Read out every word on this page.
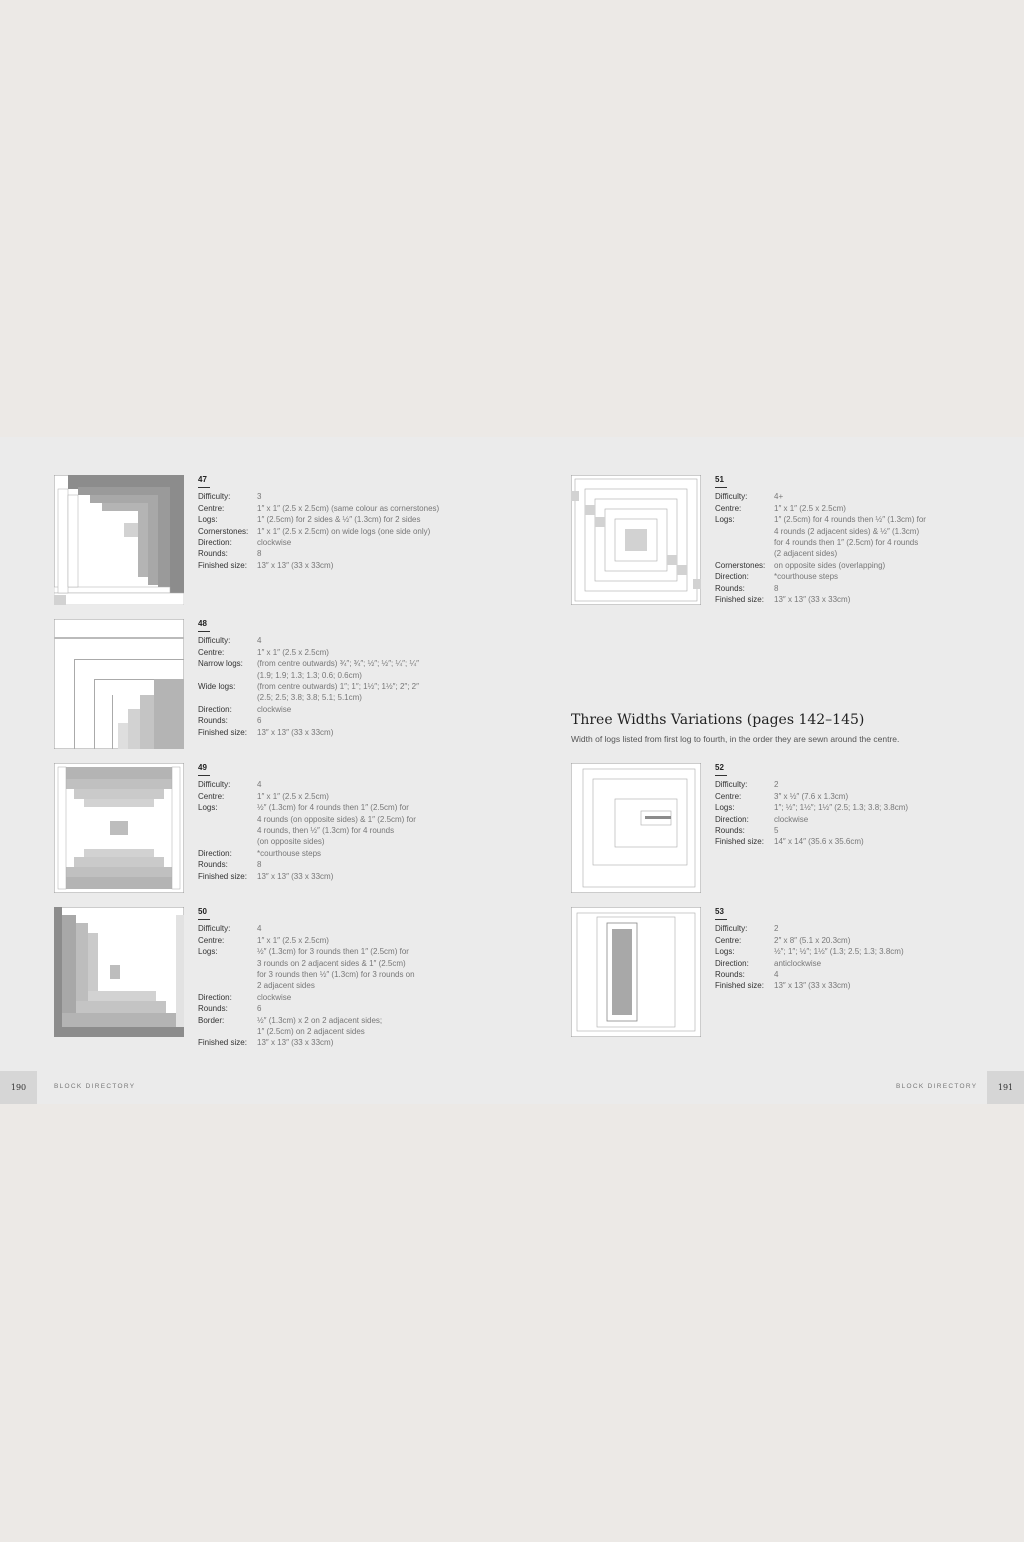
47
Difficulty:	3
Centre:	1″ x 1″ (2.5 x 2.5cm) (same colour as cornerstones)
Logs:	1″ (2.5cm) for 2 sides & ½″ (1.3cm) for 2 sides
Cornerstones:	1″ x 1″ (2.5 x 2.5cm) on wide logs (one side only)
Direction:	clockwise
Rounds:	8
Finished size:	13″ x 13″ (33 x 33cm)
48
Difficulty:	4
Centre:	1″ x 1″ (2.5 x 2.5cm)
Narrow logs:	(from centre outwards) ¾″; ¾″; ½″; ½″; ¼″; ¼″
(1.9; 1.9; 1.3; 1.3; 0.6; 0.6cm)
Wide logs:	(from centre outwards) 1″; 1″; 1½″; 1½″; 2″; 2″
(2.5; 2.5; 3.8; 3.8; 5.1; 5.1cm)
Direction:	clockwise
Rounds:	6
Finished size:	13″ x 13″ (33 x 33cm)
49
Difficulty:	4
Centre:	1″ x 1″ (2.5 x 2.5cm)
Logs:	½″ (1.3cm) for 4 rounds then 1″ (2.5cm) for
4 rounds (on opposite sides) & 1″ (2.5cm) for
4 rounds, then ½″ (1.3cm) for 4 rounds
(on opposite sides)
Direction:	*courthouse steps
Rounds:	8
Finished size:	13″ x 13″ (33 x 33cm)
50
Difficulty:	4
Centre:	1″ x 1″ (2.5 x 2.5cm)
Logs:	½″ (1.3cm) for 3 rounds then 1″ (2.5cm) for
3 rounds on 2 adjacent sides & 1″ (2.5cm)
for 3 rounds then ½″ (1.3cm) for 3 rounds on
2 adjacent sides
Direction:	clockwise
Rounds:	6
Border:	½″ (1.3cm) x 2 on 2 adjacent sides;
1″ (2.5cm) on 2 adjacent sides
Finished size:	13″ x 13″ (33 x 33cm)
51
Difficulty:	4+
Centre:	1″ x 1″ (2.5 x 2.5cm)
Logs:	1″ (2.5cm) for 4 rounds then ½″ (1.3cm) for
4 rounds (2 adjacent sides) & ½″ (1.3cm)
for 4 rounds then 1″ (2.5cm) for 4 rounds
(2 adjacent sides)
Cornerstones:	on opposite sides (overlapping)
Direction:	*courthouse steps
Rounds:	8
Finished size:	13″ x 13″ (33 x 33cm)
52
Difficulty:	2
Centre:	3″ x ½″ (7.6 x 1.3cm)
Logs:	1″; ½″; 1½″; 1½″ (2.5; 1.3; 3.8; 3.8cm)
Direction:	clockwise
Rounds:	5
Finished size:	14″ x 14″ (35.6 x 35.6cm)
53
Difficulty:	2
Centre:	2″ x 8″ (5.1 x 20.3cm)
Logs:	½″; 1″; ½″; 1½″ (1.3; 2.5; 1.3; 3.8cm)
Direction:	anticlockwise
Rounds:	4
Finished size:	13″ x 13″ (33 x 33cm)
Three Widths Variations (pages 142–145)
Width of logs listed from first log to fourth, in the order they are sewn around the centre.
190	BLOCK DIRECTORY	BLOCK DIRECTORY	191
